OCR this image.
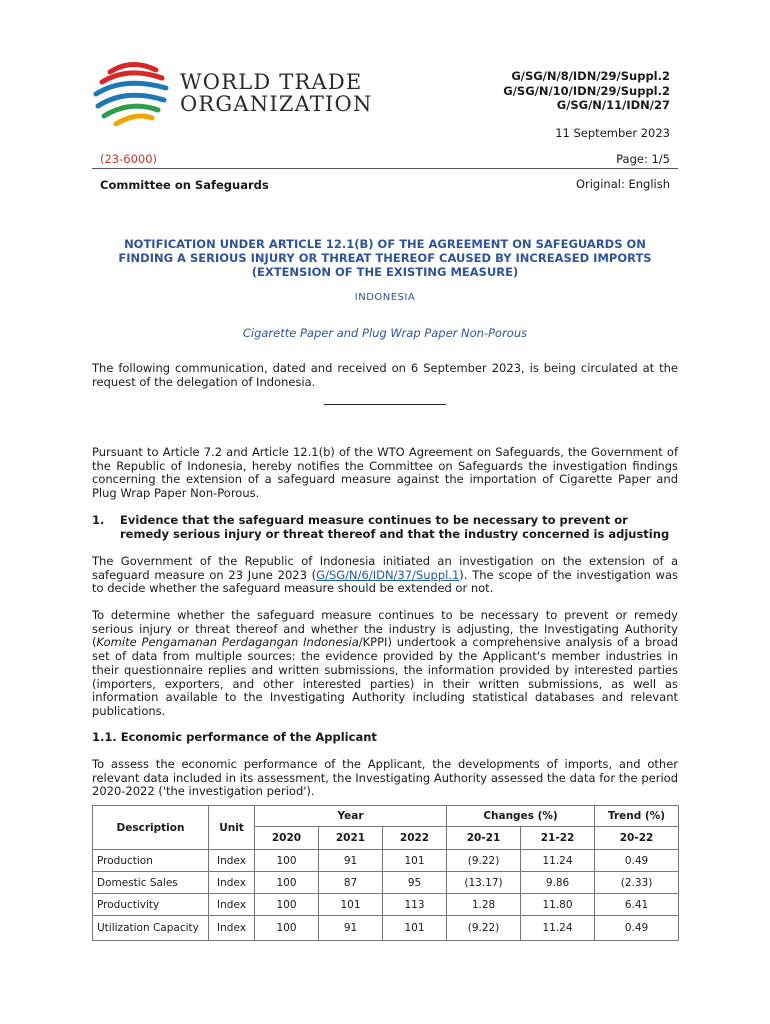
WORLD TRADE
ORGANIZATION
G/SG/N/8/IDN/29/Suppl.2
G/SG/N/10/IDN/29/Suppl.2
G/SG/N/11/IDN/27
11 September 2023
(23-6000)	Page: 1/5
Committee on Safeguards	Original: English
NOTIFICATION UNDER ARTICLE 12.1(B) OF THE AGREEMENT ON SAFEGUARDS ON FINDING A SERIOUS INJURY OR THREAT THEREOF CAUSED BY INCREASED IMPORTS (EXTENSION OF THE EXISTING MEASURE)
INDONESIA
Cigarette Paper and Plug Wrap Paper Non-Porous
The following communication, dated and received on 6 September 2023, is being circulated at the request of the delegation of Indonesia.
Pursuant to Article 7.2 and Article 12.1(b) of the WTO Agreement on Safeguards, the Government of the Republic of Indonesia, hereby notifies the Committee on Safeguards the investigation findings concerning the extension of a safeguard measure against the importation of Cigarette Paper and Plug Wrap Paper Non-Porous.
1. Evidence that the safeguard measure continues to be necessary to prevent or remedy serious injury or threat thereof and that the industry concerned is adjusting
The Government of the Republic of Indonesia initiated an investigation on the extension of a safeguard measure on 23 June 2023 (G/SG/N/6/IDN/37/Suppl.1). The scope of the investigation was to decide whether the safeguard measure should be extended or not.
To determine whether the safeguard measure continues to be necessary to prevent or remedy serious injury or threat thereof and whether the industry is adjusting, the Investigating Authority (Komite Pengamanan Perdagangan Indonesia/KPPI) undertook a comprehensive analysis of a broad set of data from multiple sources: the evidence provided by the Applicant's member industries in their questionnaire replies and written submissions, the information provided by interested parties (importers, exporters, and other interested parties) in their written submissions, as well as information available to the Investigating Authority including statistical databases and relevant publications.
1.1. Economic performance of the Applicant
To assess the economic performance of the Applicant, the developments of imports, and other relevant data included in its assessment, the Investigating Authority assessed the data for the period 2020-2022 ('the investigation period').
Description	Unit	Year			Changes (%)		Trend (%)
		2020	2021	2022	20-21	21-22	20-22
Production	Index	100	91	101	(9.22)	11.24	0.49
Domestic Sales	Index	100	87	95	(13.17)	9.86	(2.33)
Productivity	Index	100	101	113	1.28	11.80	6.41
Utilization Capacity	Index	100	91	101	(9.22)	11.24	0.49
